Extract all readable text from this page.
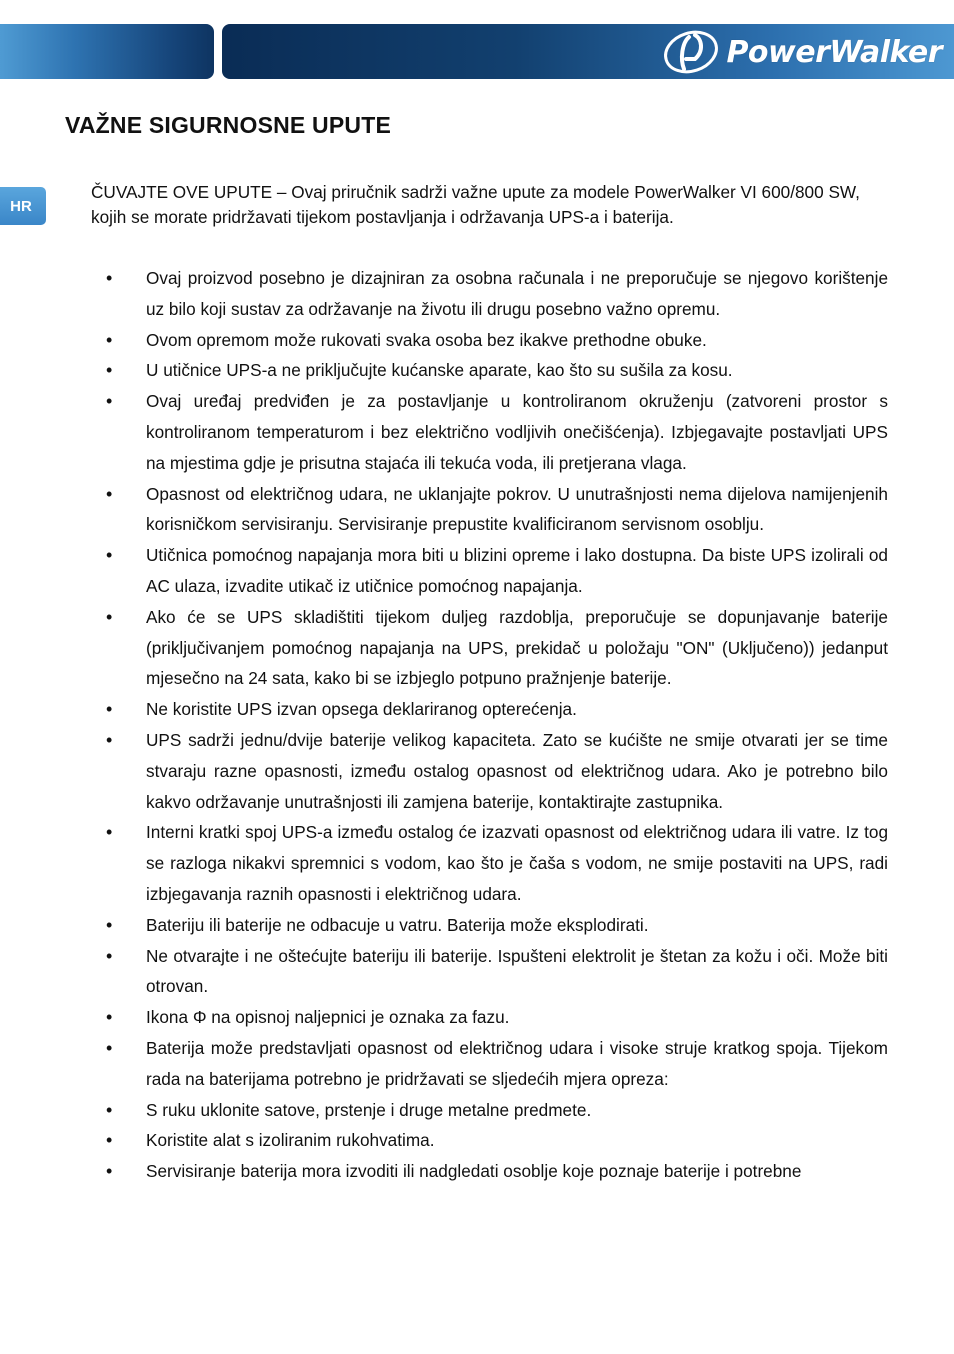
PowerWalker
HR
VAŽNE SIGURNOSNE UPUTE

ČUVAJTE OVE UPUTE – Ovaj priručnik sadrži važne upute za modele PowerWalker VI 600/800 SW, kojih se morate pridržavati tijekom postavljanja i održavanja UPS-a i baterija.

• Ovaj proizvod posebno je dizajniran za osobna računala i ne preporučuje se njegovo korištenje uz bilo koji sustav za održavanje na životu ili drugu posebno važno opremu.
• Ovom opremom može rukovati svaka osoba bez ikakve prethodne obuke.
• U utičnice UPS-a ne priključujte kućanske aparate, kao što su sušila za kosu.
• Ovaj uređaj predviđen je za postavljanje u kontroliranom okruženju (zatvoreni prostor s kontroliranom temperaturom i bez električno vodljivih onečišćenja). Izbjegavajte postavljati UPS na mjestima gdje je prisutna stajaća ili tekuća voda, ili pretjerana vlaga.
• Opasnost od električnog udara, ne uklanjajte pokrov. U unutrašnjosti nema dijelova namijenjenih korisničkom servisiranju. Servisiranje prepustite kvalificiranom servisnom osoblju.
• Utičnica pomoćnog napajanja mora biti u blizini opreme i lako dostupna. Da biste UPS izolirali od AC ulaza, izvadite utikač iz utičnice pomoćnog napajanja.
• Ako će se UPS skladištiti tijekom duljeg razdoblja, preporučuje se dopunjavanje baterije (priključivanjem pomoćnog napajanja na UPS, prekidač u položaju "ON" (Uključeno)) jedanput mjesečno na 24 sata, kako bi se izbjeglo potpuno pražnjenje baterije.
• Ne koristite UPS izvan opsega deklariranog opterećenja.
• UPS sadrži jednu/dvije baterije velikog kapaciteta. Zato se kućište ne smije otvarati jer se time stvaraju razne opasnosti, između ostalog opasnost od električnog udara. Ako je potrebno bilo kakvo održavanje unutrašnjosti ili zamjena baterije, kontaktirajte zastupnika.
• Interni kratki spoj UPS-a između ostalog će izazvati opasnost od električnog udara ili vatre. Iz tog se razloga nikakvi spremnici s vodom, kao što je čaša s vodom, ne smije postaviti na UPS, radi izbjegavanja raznih opasnosti i električnog udara.
• Bateriju ili baterije ne odbacuje u vatru. Baterija može eksplodirati.
• Ne otvarajte i ne oštećujte bateriju ili baterije. Ispušteni elektrolit je štetan za kožu i oči. Može biti otrovan.
• Ikona Φ na opisnoj naljepnici je oznaka za fazu.
• Baterija može predstavljati opasnost od električnog udara i visoke struje kratkog spoja. Tijekom rada na baterijama potrebno je pridržavati se sljedećih mjera opreza:
• S ruku uklonite satove, prstenje i druge metalne predmete.
• Koristite alat s izoliranim rukohvatima.
• Servisiranje baterija mora izvoditi ili nadgledati osoblje koje poznaje baterije i potrebne
